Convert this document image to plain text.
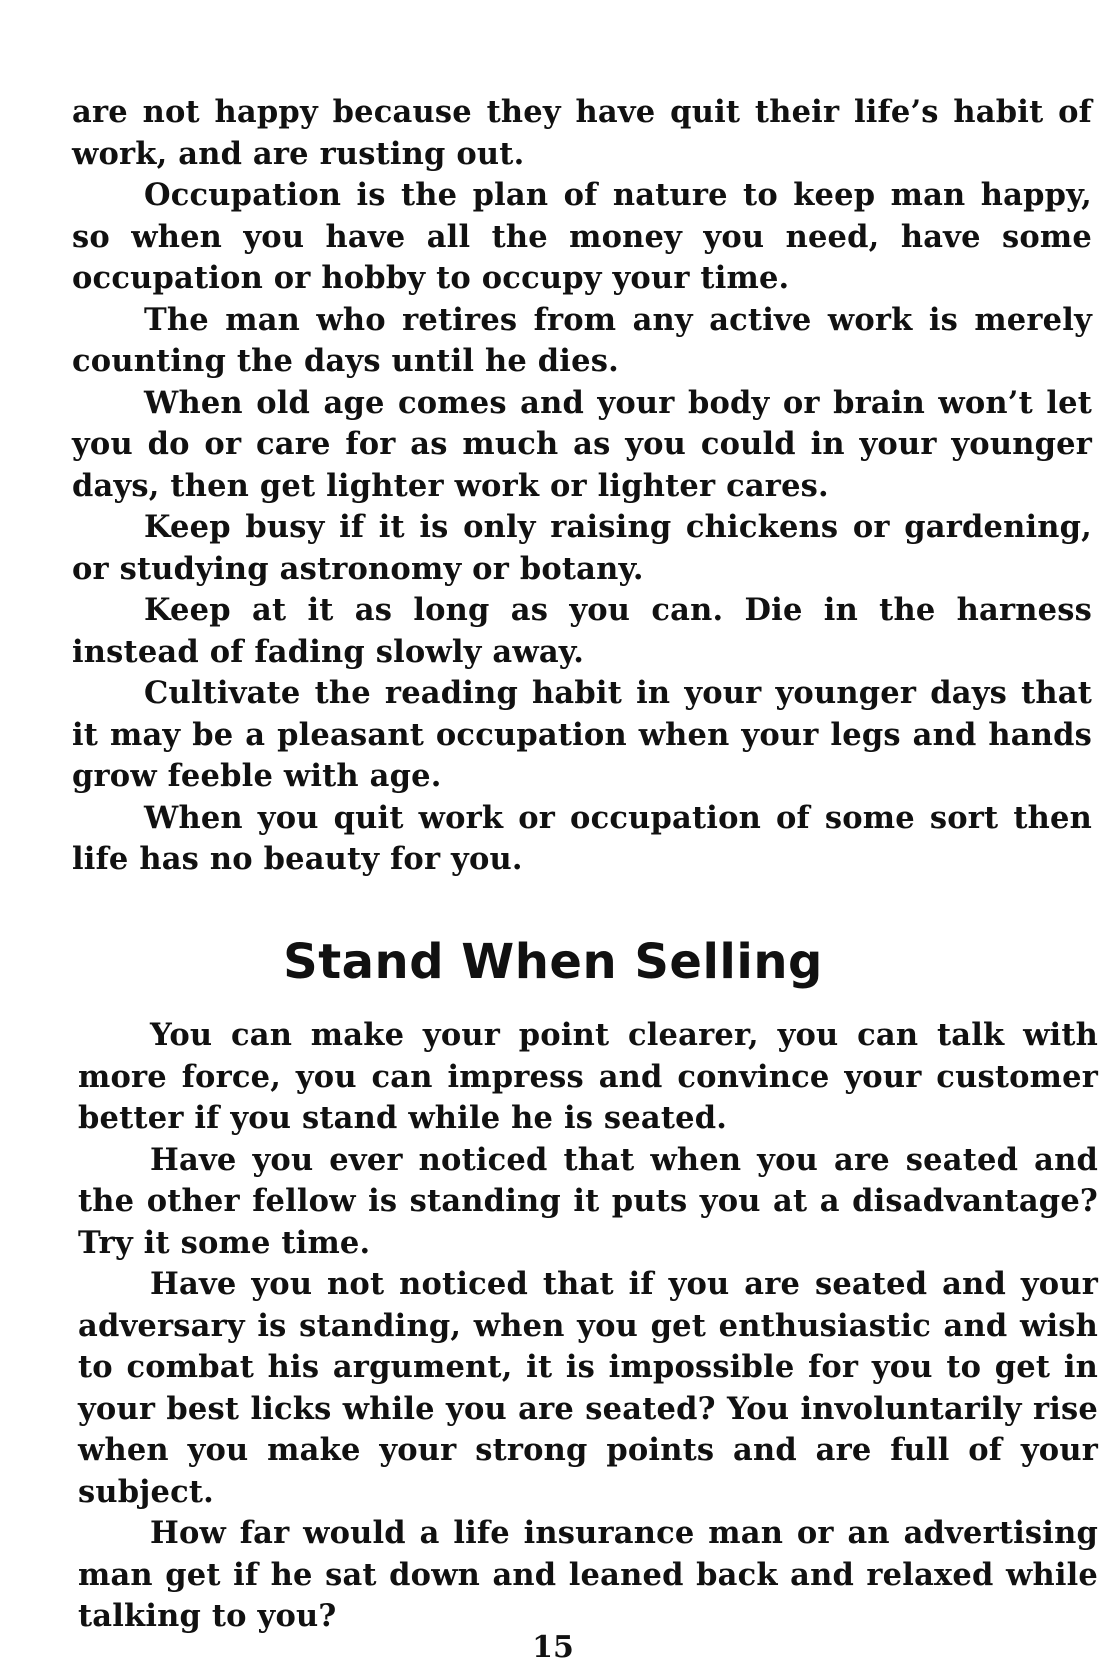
are not happy because they have quit their life’s habit of work, and are rusting out.

Occupation is the plan of nature to keep man happy, so when you have all the money you need, have some occupation or hobby to occupy your time.

The man who retires from any active work is merely counting the days until he dies.

When old age comes and your body or brain won’t let you do or care for as much as you could in your younger days, then get lighter work or lighter cares.

Keep busy if it is only raising chickens or gardening, or studying astronomy or botany.

Keep at it as long as you can. Die in the harness instead of fading slowly away.

Cultivate the reading habit in your younger days that it may be a pleasant occupation when your legs and hands grow feeble with age.

When you quit work or occupation of some sort then life has no beauty for you.

Stand When Selling

You can make your point clearer, you can talk with more force, you can impress and convince your customer better if you stand while he is seated.

Have you ever noticed that when you are seated and the other fellow is standing it puts you at a disadvantage? Try it some time.

Have you not noticed that if you are seated and your adversary is standing, when you get enthusiastic and wish to combat his argument, it is impossible for you to get in your best licks while you are seated? You involuntarily rise when you make your strong points and are full of your subject.

How far would a life insurance man or an advertising man get if he sat down and leaned back and relaxed while talking to you?

15
